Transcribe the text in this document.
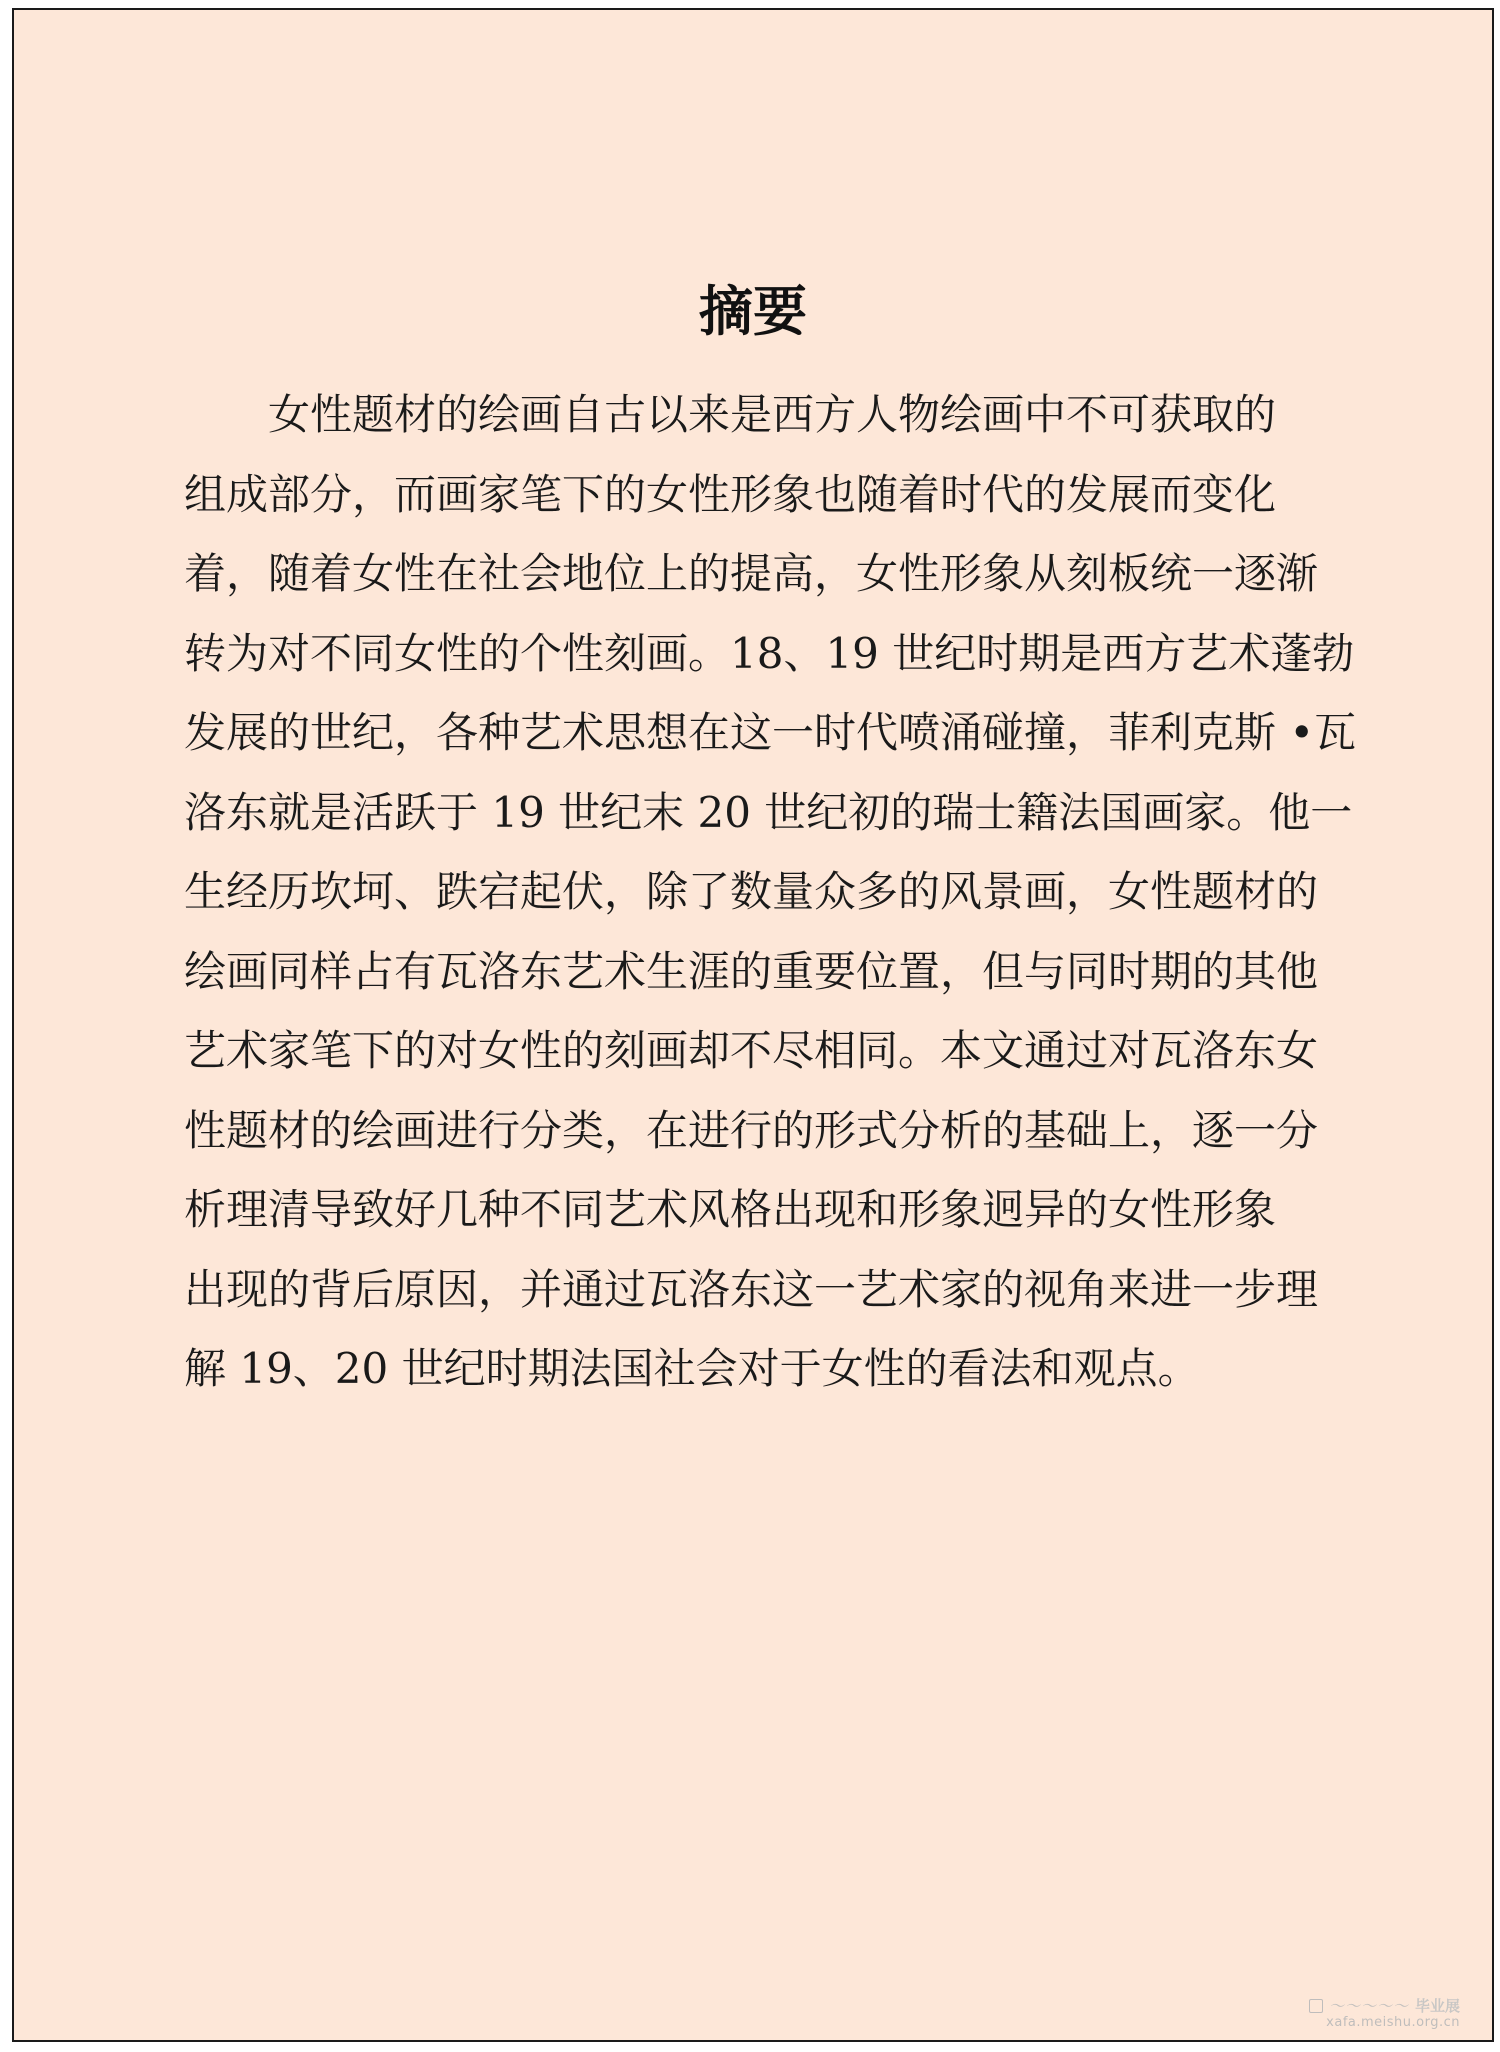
摘要
女性题材的绘画自古以来是西方人物绘画中不可获取的
组成部分，而画家笔下的女性形象也随着时代的发展而变化
着，随着女性在社会地位上的提高，女性形象从刻板统一逐渐
转为对不同女性的个性刻画。18、19 世纪时期是西方艺术蓬勃
发展的世纪，各种艺术思想在这一时代喷涌碰撞，菲利克斯 •瓦
洛东就是活跃于 19 世纪末 20 世纪初的瑞士籍法国画家。他一
生经历坎坷、跌宕起伏，除了数量众多的风景画，女性题材的
绘画同样占有瓦洛东艺术生涯的重要位置，但与同时期的其他
艺术家笔下的对女性的刻画却不尽相同。本文通过对瓦洛东女
性题材的绘画进行分类，在进行的形式分析的基础上，逐一分
析理清导致好几种不同艺术风格出现和形象迥异的女性形象
出现的背后原因，并通过瓦洛东这一艺术家的视角来进一步理
解 19、20 世纪时期法国社会对于女性的看法和观点。
〜〜〜〜〜 毕业展
xafa.meishu.org.cn
